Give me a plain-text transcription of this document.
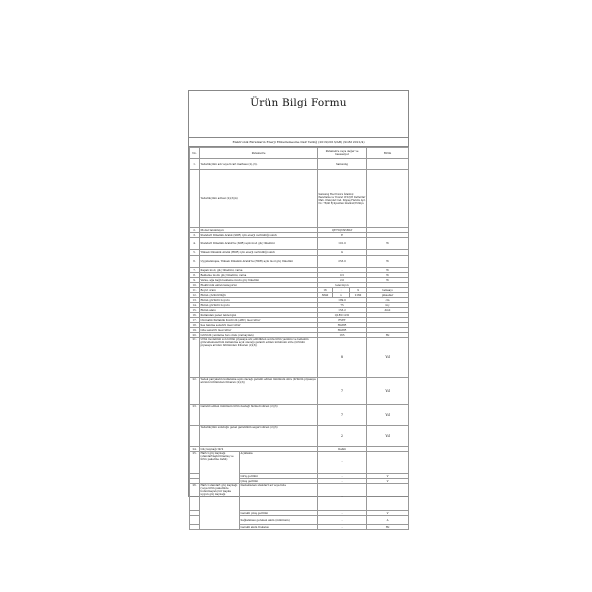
Ürün Bilgi Formu
Elektronik Ekranların Enerji Etiketlemesine Dair Tebliğ (2019/2013/AB) (SGM 2021/4)
No.	Parametre		Parametre veya değer ve hassasiyet			Birim
1.	Tedarikçinin adı veya ticari markası (2),(3).		Samsung			
	Tedarikçinin adresi (2)(3)(4)		Samsung Electronics İstanbul Pazarlama ve Ticaret LTD.ŞTİ Defterdar Mah. Otakçılar Cad. Sinpaş Flatofis Apt. No: 78/46 Eyüpsultan İstanbul/Türkiye			
2.	Model tanımlayıcı		QE75QN95BAT			
3.	Standart Dinamik Aralık (SDR) için enerji verimliliği sınıfı		E			
4.	Standart Dinamik Aralık'ta (SDR) açık mod güç tüketimi		101.0			W
5.	Yüksek Dinamik Aralık (HDR) için enerji verimliliği sınıfı		G			
6.	Uygulanmışsa, Yüksek Dinamik Aralık'ta (HDR) açık mod güç tüketimi		253.0			W
7.	Kapalı mod, güç tüketimi, varsa		-			W
8.	Bekleme modu güç tüketimi, varsa		0.5			W
9.	Varsa, ağa bağlı bekleme modu güç tüketimi		2.0			W
10.	Elektronik ekran kategorisi		televizyon			
11.	Boyut oranı		16	:	9	tamsayı
12.	Ekran çözünürlüğü		3840	x	2160	pikseller
13.	Ekran görüntü boyutu		189.0			cm
14.	Ekran görüntü boyutu		75			inç
15.	Ekran alanı		153.2			dm2
16.	Kullanılan panel teknolojisi		QLED LCD			
17.	Otomatik Parlaklık Kontrolü (ABC) mevcuttur		EVET			
18.	Ses tanıma sensörü mevcuttur		HAYIR			
19.	Oda sensörü mevcuttur		HAYIR			
20.	Görüntü yenileme hızı oranı (varsayılan)		165			Hz
21.	Ürün modelinin son birimi piyasaya arz edildikten sonra ürün yazılımı ve bellenim güncellemelerinin kullanıma açık olacağı garanti edilen minimum süre (ürünün piyasaya arzının bitiminden itibaren (2)(3))		8			Yıl
22.	Yedek parçaların kullanıma açık olacağı garanti edilen minimum süre (ürünün piyasaya arzının bitiminden itibaren (2)(3))		7			Yıl
23.	Garanti edilen minimum ürün desteği hizmeti süresi (2)(3)		7			Yıl
	Tedarikçinin sunduğu genel garantinin asgari süresi (2)(3)		2			Yıl
24.	Güç kaynağı türü		Dahili			
25.	Harici güç kaynağı (standartlaştırılmamış ve ürün paketine dahil)	Açıklama	-			
		Giriş gerilimi	-			V
		Çıkış gerilimi	-			V
26.	Harici standart güç kaynağı (veya ürün paketinde bulunmayan) bir kapka uygun güç kaynağı	Desteklenen standart ad veya liste	-			
		Gerekli çıkış gerilimi	-			V
		Sağlanması gereken akım (minimum)	-			A
		Gerekli akım frekansı	-			Hz
